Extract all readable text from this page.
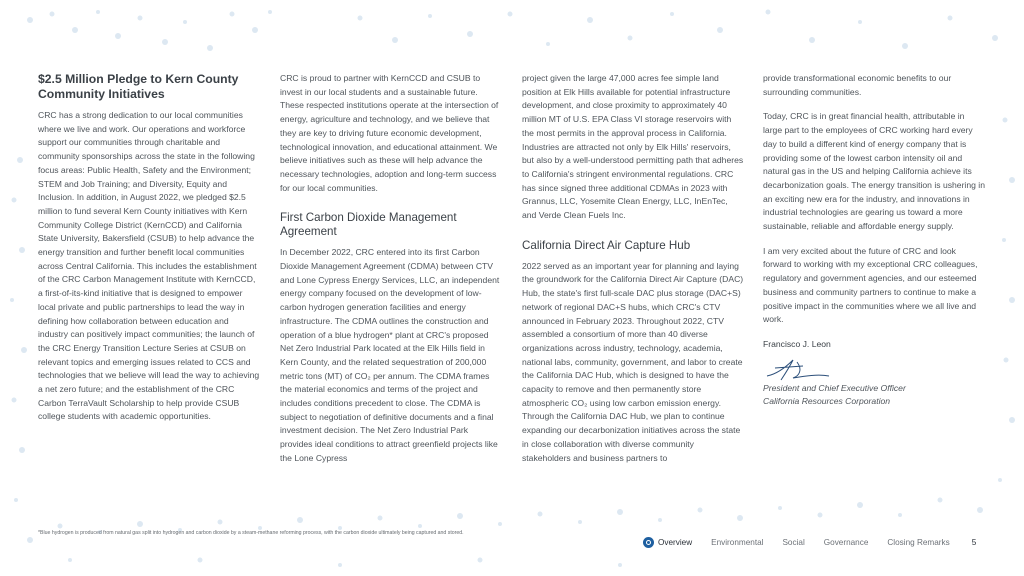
$2.5 Million Pledge to Kern County Community Initiatives

CRC has a strong dedication to our local communities where we live and work. Our operations and workforce support our communities through charitable and community sponsorships across the state in the following focus areas: Public Health, Safety and the Environment; STEM and Job Training; and Diversity, Equity and Inclusion. In addition, in August 2022, we pledged $2.5 million to fund several Kern County initiatives with Kern Community College District (KernCCD) and California State University, Bakersfield (CSUB) to help advance the energy transition and further benefit local communities across Central California. This includes the establishment of the CRC Carbon Management Institute with KernCCD, a first-of-its-kind initiative that is designed to empower local private and public partnerships to lead the way in defining how collaboration between education and industry can positively impact communities; the launch of the CRC Energy Transition Lecture Series at CSUB on relevant topics and emerging issues related to CCS and technologies that we believe will lead the way to achieving a net zero future; and the establishment of the CRC Carbon TerraVault Scholarship to help provide CSUB college students with academic opportunities.

CRC is proud to partner with KernCCD and CSUB to invest in our local students and a sustainable future. These respected institutions operate at the intersection of energy, agriculture and technology, and we believe that they are key to driving future economic development, technological innovation, and educational attainment. We believe initiatives such as these will help advance the necessary technologies, adoption and long-term success for our local communities.

First Carbon Dioxide Management Agreement

In December 2022, CRC entered into its first Carbon Dioxide Management Agreement (CDMA) between CTV and Lone Cypress Energy Services, LLC, an independent energy company focused on the development of low-carbon hydrogen generation facilities and energy infrastructure. The CDMA outlines the construction and operation of a blue hydrogen* plant at CRC's proposed Net Zero Industrial Park located at the Elk Hills field in Kern County, and the related sequestration of 200,000 metric tons (MT) of CO₂ per annum. The CDMA frames the material economics and terms of the project and includes conditions precedent to close. The CDMA is subject to negotiation of definitive documents and a final investment decision. The Net Zero Industrial Park provides ideal conditions to attract greenfield projects like the Lone Cypress

project given the large 47,000 acres fee simple land position at Elk Hills available for potential infrastructure development, and close proximity to approximately 40 million MT of U.S. EPA Class VI storage reservoirs with the most permits in the approval process in California. Industries are attracted not only by Elk Hills' reservoirs, but also by a well-understood permitting path that adheres to California's stringent environmental regulations. CRC has since signed three additional CDMAs in 2023 with Grannus, LLC, Yosemite Clean Energy, LLC, InEnTec, and Verde Clean Fuels Inc.

California Direct Air Capture Hub

2022 served as an important year for planning and laying the groundwork for the California Direct Air Capture (DAC) Hub, the state's first full-scale DAC plus storage (DAC+S) network of regional DAC+S hubs, which CRC's CTV announced in February 2023. Throughout 2022, CTV assembled a consortium of more than 40 diverse organizations across industry, technology, academia, national labs, community, government, and labor to create the California DAC Hub, which is designed to have the capacity to remove and then permanently store atmospheric CO₂ using low carbon emission energy. Through the California DAC Hub, we plan to continue expanding our decarbonization initiatives across the state in close collaboration with diverse community stakeholders and business partners to

provide transformational economic benefits to our surrounding communities.

Today, CRC is in great financial health, attributable in large part to the employees of CRC working hard every day to build a different kind of energy company that is providing some of the lowest carbon intensity oil and natural gas in the US and helping California achieve its decarbonization goals. The energy transition is ushering in an exciting new era for the industry, and innovations in industrial technologies are gearing us toward a more sustainable, reliable and affordable energy supply.

I am very excited about the future of CRC and look forward to working with my exceptional CRC colleagues, regulatory and government agencies, and our esteemed business and community partners to continue to make a positive impact in the communities where we all live and work.

Francisco J. Leon
President and Chief Executive Officer
California Resources Corporation
*Blue hydrogen is produced from natural gas split into hydrogen and carbon dioxide by a steam-methane reforming process, with the carbon dioxide ultimately being captured and stored.
Overview Environmental Social Governance Closing Remarks	5
